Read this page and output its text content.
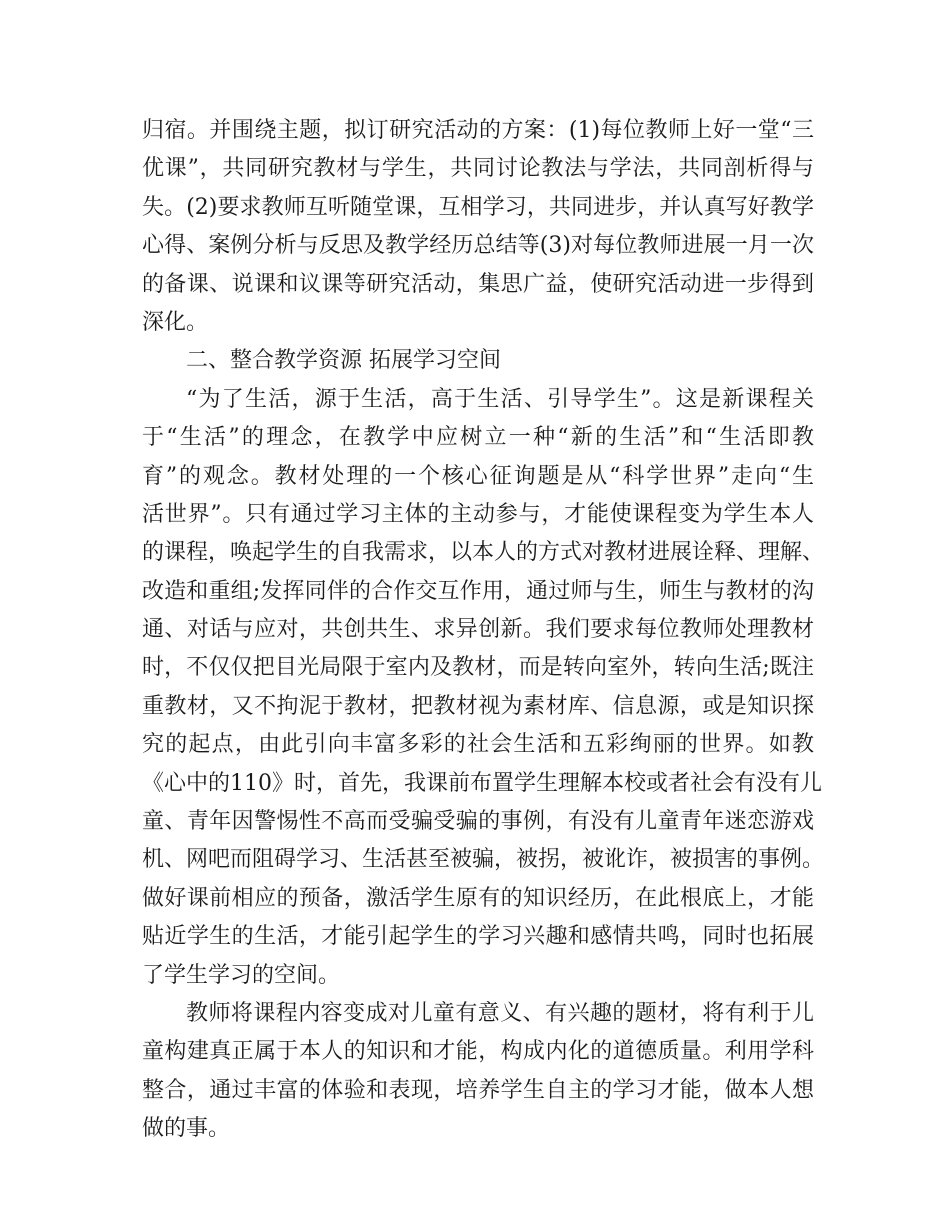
归宿。并围绕主题，拟订研究活动的方案：(1)每位教师上好一堂“三
优课”，共同研究教材与学生，共同讨论教法与学法，共同剖析得与
失。(2)要求教师互听随堂课，互相学习，共同进步，并认真写好教学
心得、案例分析与反思及教学经历总结等(3)对每位教师进展一月一次
的备课、说课和议课等研究活动，集思广益，使研究活动进一步得到
深化。
二、整合教学资源 拓展学习空间
“为了生活，源于生活，高于生活、引导学生”。这是新课程关
于“生活”的理念，在教学中应树立一种“新的生活”和“生活即教
育”的观念。教材处理的一个核心征询题是从“科学世界”走向“生
活世界”。只有通过学习主体的主动参与，才能使课程变为学生本人
的课程，唤起学生的自我需求，以本人的方式对教材进展诠释、理解、
改造和重组;发挥同伴的合作交互作用，通过师与生，师生与教材的沟
通、对话与应对，共创共生、求异创新。我们要求每位教师处理教材
时，不仅仅把目光局限于室内及教材，而是转向室外，转向生活;既注
重教材，又不拘泥于教材，把教材视为素材库、信息源，或是知识探
究的起点，由此引向丰富多彩的社会生活和五彩绚丽的世界。如教
《心中的110》时，首先，我课前布置学生理解本校或者社会有没有儿
童、青年因警惕性不高而受骗受骗的事例，有没有儿童青年迷恋游戏
机、网吧而阻碍学习、生活甚至被骗，被拐，被讹诈，被损害的事例。
做好课前相应的预备，激活学生原有的知识经历，在此根底上，才能
贴近学生的生活，才能引起学生的学习兴趣和感情共鸣，同时也拓展
了学生学习的空间。
教师将课程内容变成对儿童有意义、有兴趣的题材，将有利于儿
童构建真正属于本人的知识和才能，构成内化的道德质量。利用学科
整合，通过丰富的体验和表现，培养学生自主的学习才能，做本人想
做的事。
